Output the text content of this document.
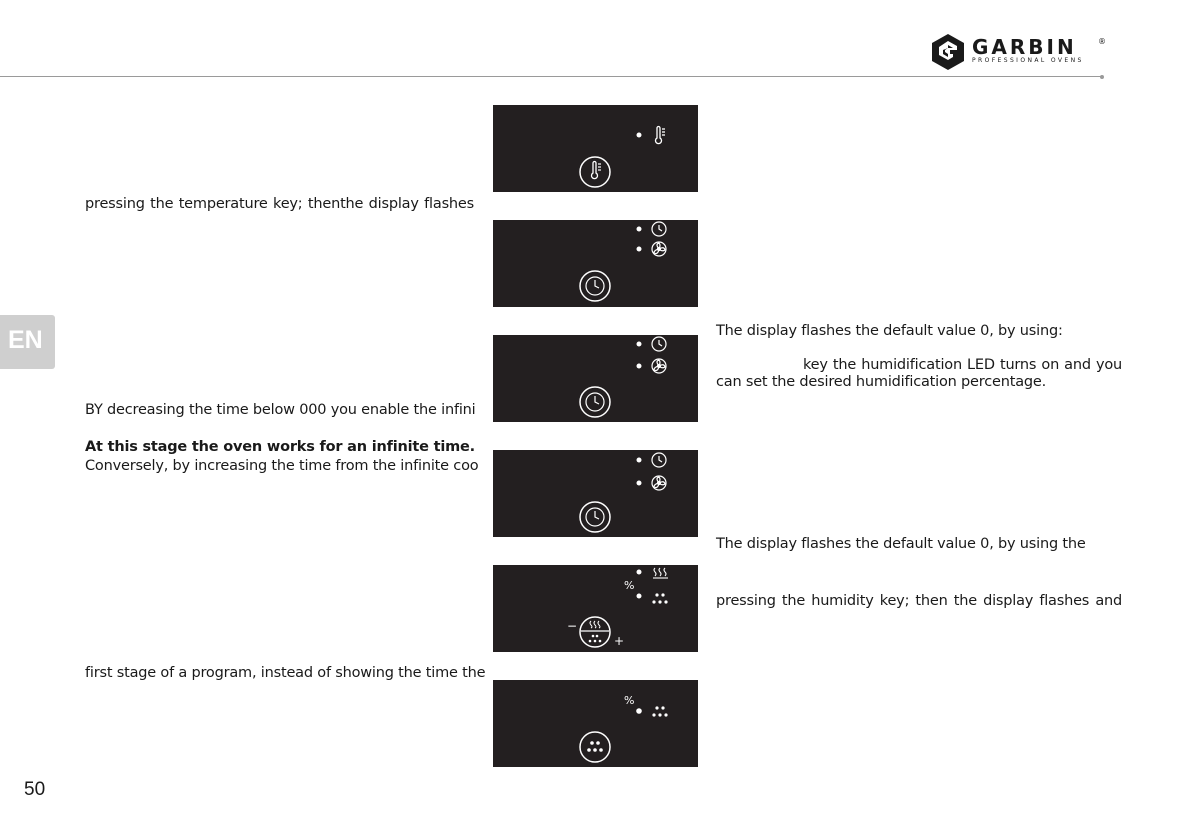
GARBIN	®
PROFESSIONAL OVENS
EN
pressing the temperature key; thenthe display flashes
BY decreasing the time below 000 you enable the infini
At this stage the oven works for an infinite time.
Conversely, by increasing the time from the infinite coo
first stage of a program, instead of showing the time the
The display flashes the default value 0, by using:
key the humidification LED turns on and you
can set the desired humidification percentage.
The display flashes the default value 0, by using the
pressing the humidity key; then the display flashes and
%
−
+
%
50
